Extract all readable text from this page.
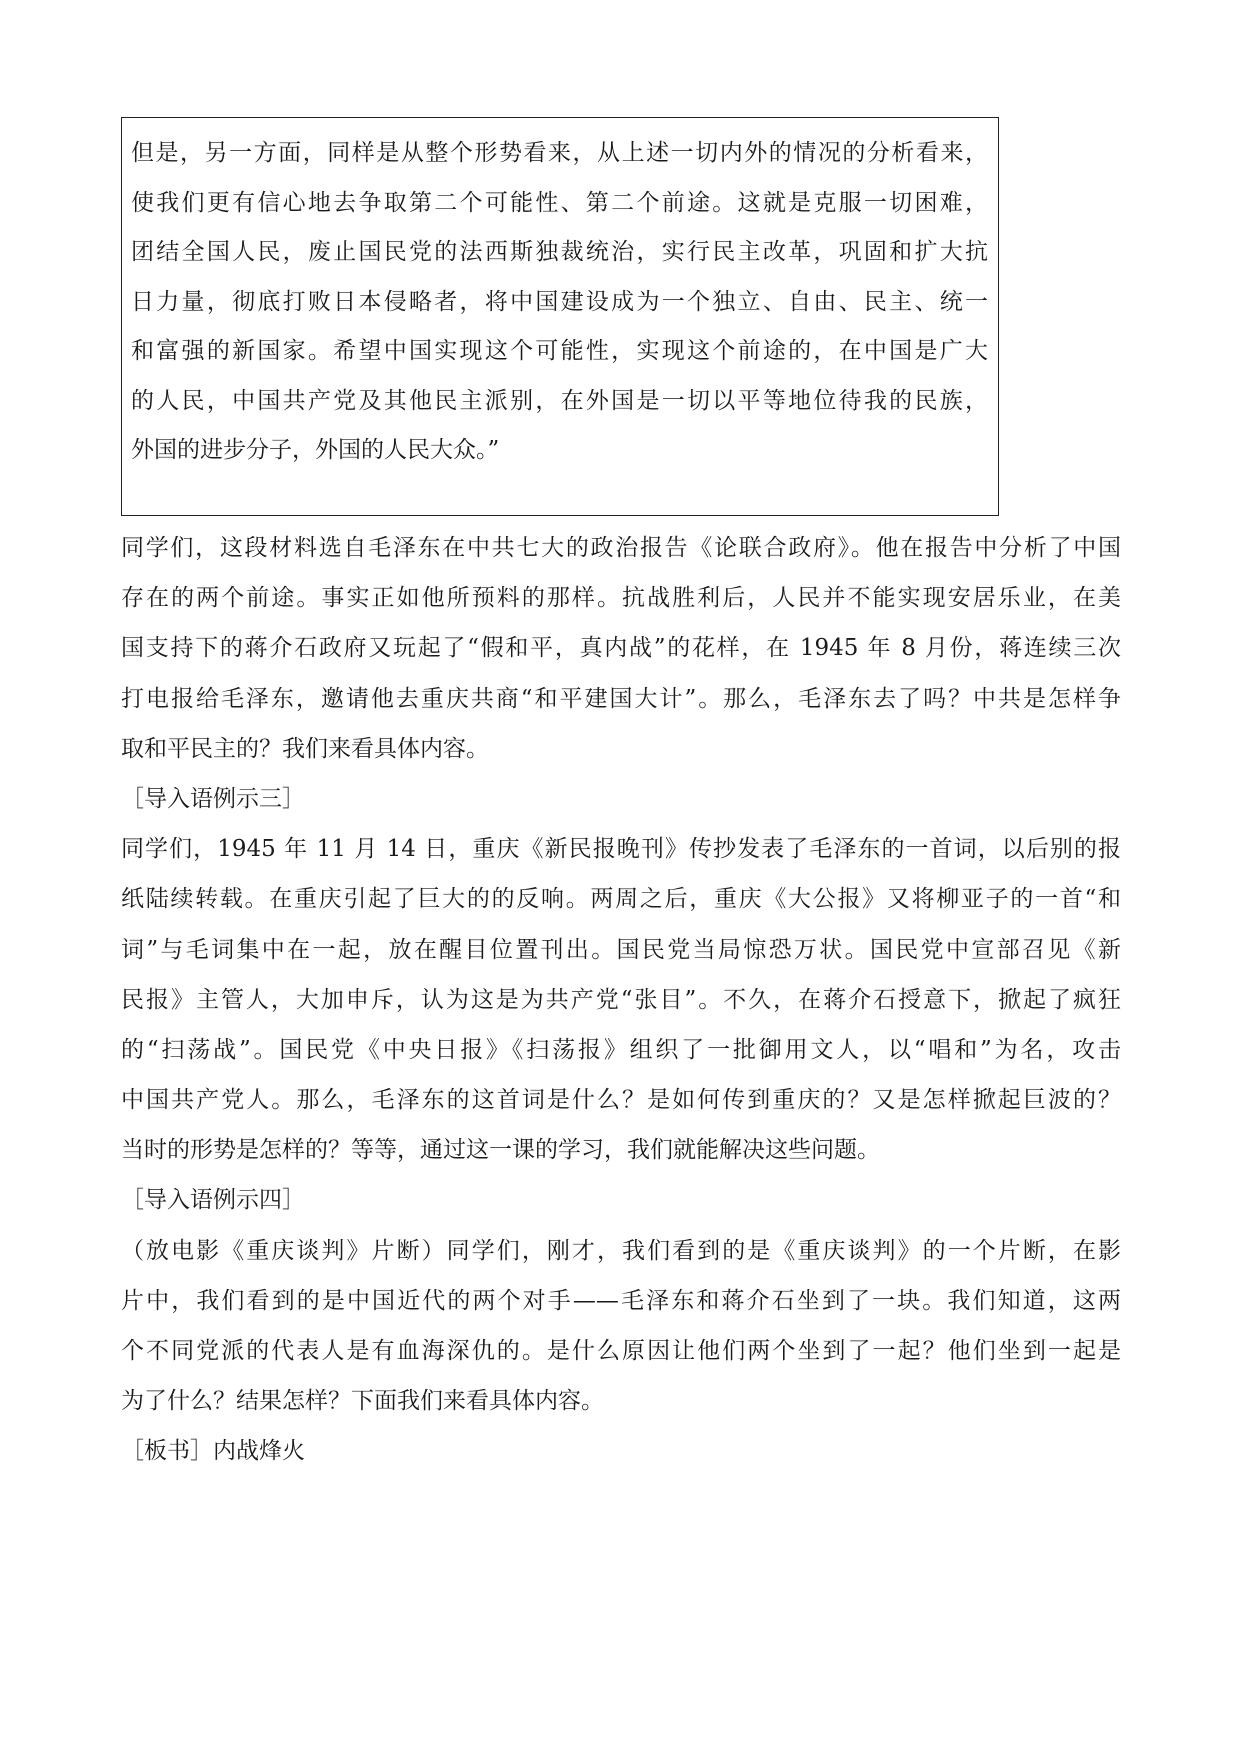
但是，另一方面，同样是从整个形势看来，从上述一切内外的情况的分析看来，
使我们更有信心地去争取第二个可能性、第二个前途。这就是克服一切困难，
团结全国人民，废止国民党的法西斯独裁统治，实行民主改革，巩固和扩大抗
日力量，彻底打败日本侵略者，将中国建设成为一个独立、自由、民主、统一
和富强的新国家。希望中国实现这个可能性，实现这个前途的，在中国是广大
的人民，中国共产党及其他民主派别，在外国是一切以平等地位待我的民族，
外国的进步分子，外国的人民大众。”
同学们，这段材料选自毛泽东在中共七大的政治报告《论联合政府》。他在报告中分析了中国
存在的两个前途。事实正如他所预料的那样。抗战胜利后，人民并不能实现安居乐业，在美
国支持下的蒋介石政府又玩起了“假和平，真内战”的花样，在 1945 年 8 月份，蒋连续三次
打电报给毛泽东，邀请他去重庆共商“和平建国大计”。那么，毛泽东去了吗？中共是怎样争
取和平民主的？我们来看具体内容。
［导入语例示三］
同学们，1945 年 11 月 14 日，重庆《新民报晚刊》传抄发表了毛泽东的一首词，以后别的报
纸陆续转载。在重庆引起了巨大的的反响。两周之后，重庆《大公报》又将柳亚子的一首“和
词”与毛词集中在一起，放在醒目位置刊出。国民党当局惊恐万状。国民党中宣部召见《新
民报》主管人，大加申斥，认为这是为共产党“张目”。不久，在蒋介石授意下，掀起了疯狂
的“扫荡战”。国民党《中央日报》《扫荡报》组织了一批御用文人，以“唱和”为名，攻击
中国共产党人。那么，毛泽东的这首词是什么？是如何传到重庆的？又是怎样掀起巨波的？
当时的形势是怎样的？等等，通过这一课的学习，我们就能解决这些问题。
［导入语例示四］
（放电影《重庆谈判》片断）同学们，刚才，我们看到的是《重庆谈判》的一个片断，在影
片中，我们看到的是中国近代的两个对手——毛泽东和蒋介石坐到了一块。我们知道，这两
个不同党派的代表人是有血海深仇的。是什么原因让他们两个坐到了一起？他们坐到一起是
为了什么？结果怎样？下面我们来看具体内容。
［板书］内战烽火
